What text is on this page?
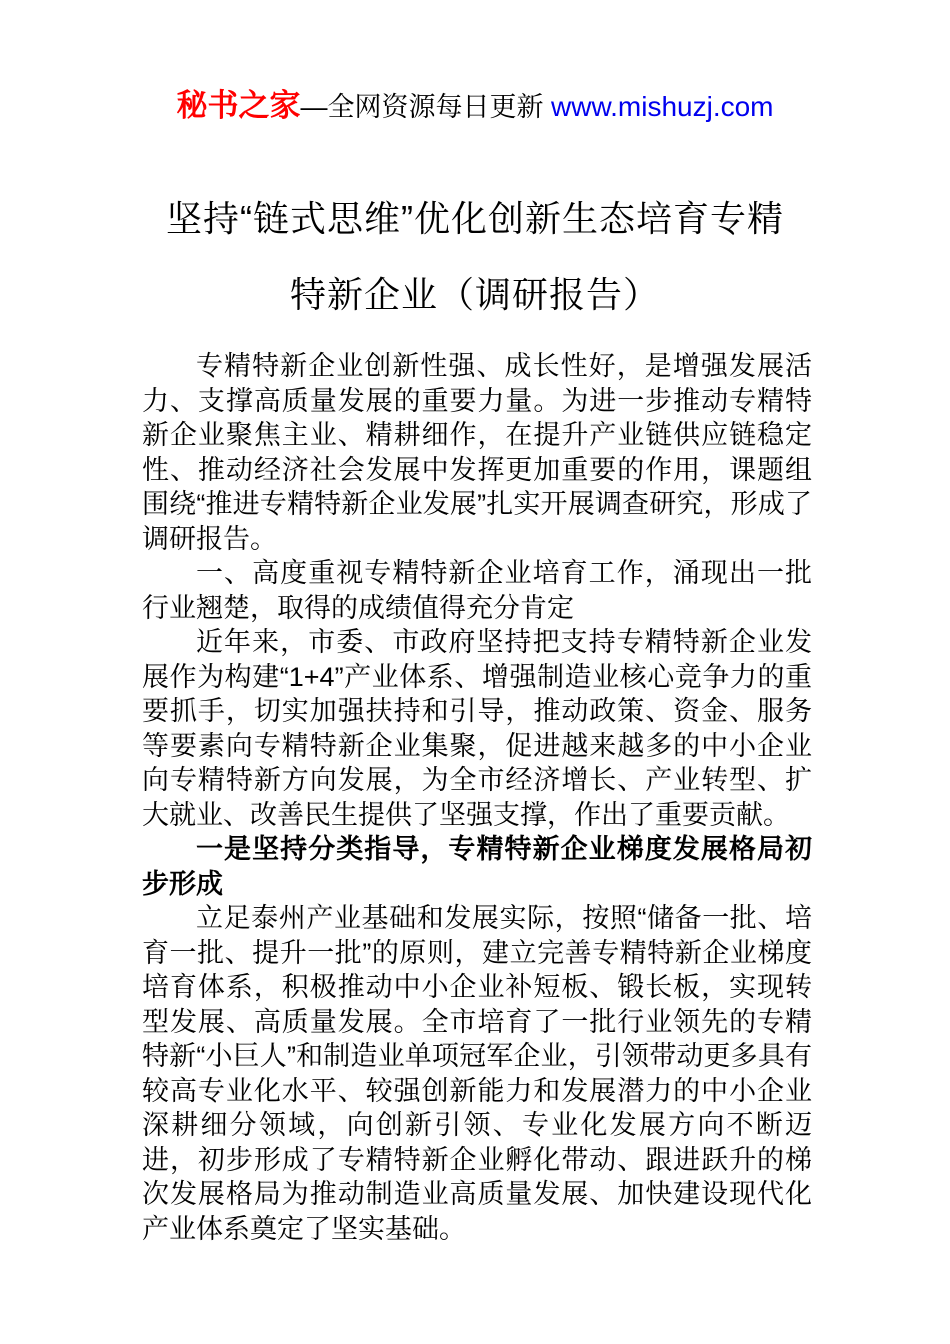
秘书之家—全网资源每日更新 www.mishuzj.com
坚持“链式思维”优化创新生态培育专精
特新企业（调研报告）

专精特新企业创新性强、成长性好，是增强发展活力、支撑高质量发展的重要力量。为进一步推动专精特新企业聚焦主业、精耕细作，在提升产业链供应链稳定性、推动经济社会发展中发挥更加重要的作用，课题组围绕“推进专精特新企业发展”扎实开展调查研究，形成了调研报告。

一、高度重视专精特新企业培育工作，涌现出一批行业翘楚，取得的成绩值得充分肯定

近年来，市委、市政府坚持把支持专精特新企业发展作为构建“1+4”产业体系、增强制造业核心竞争力的重要抓手，切实加强扶持和引导，推动政策、资金、服务等要素向专精特新企业集聚，促进越来越多的中小企业向专精特新方向发展，为全市经济增长、产业转型、扩大就业、改善民生提供了坚强支撑，作出了重要贡献。

一是坚持分类指导，专精特新企业梯度发展格局初步形成

立足泰州产业基础和发展实际，按照“储备一批、培育一批、提升一批”的原则，建立完善专精特新企业梯度培育体系，积极推动中小企业补短板、锻长板，实现转型发展、高质量发展。全市培育了一批行业领先的专精特新“小巨人”和制造业单项冠军企业，引领带动更多具有较高专业化水平、较强创新能力和发展潜力的中小企业深耕细分领域，向创新引领、专业化发展方向不断迈进，初步形成了专精特新企业孵化带动、跟进跃升的梯次发展格局为推动制造业高质量发展、加快建设现代化产业体系奠定了坚实基础。
